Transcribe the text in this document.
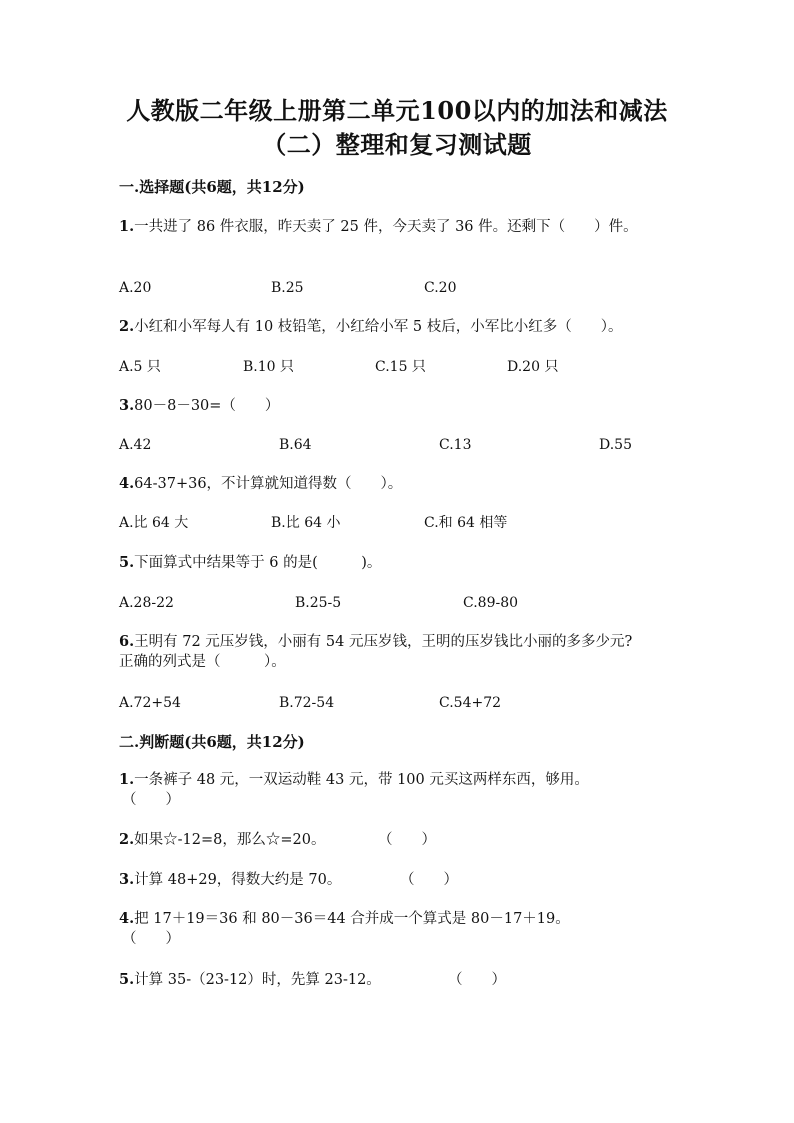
人教版二年级上册第二单元100以内的加法和减法
（二）整理和复习测试题
一.选择题(共6题，共12分)
1.一共进了 86 件衣服，昨天卖了 25 件，今天卖了 36 件。还剩下（　　）件。
A.20	B.25	C.20
2.小红和小军每人有 10 枝铅笔，小红给小军 5 枝后，小军比小红多（　　）。
A.5 只	B.10 只	C.15 只	D.20 只
3.80－8－30=（　　）
A.42	B.64	C.13	D.55
4.64-37+36，不计算就知道得数（　　）。
A.比 64 大	B.比 64 小	C.和 64 相等
5.下面算式中结果等于 6 的是(　　　)。
A.28-22	B.25-5	C.89-80
6.王明有 72 元压岁钱，小丽有 54 元压岁钱，王明的压岁钱比小丽的多多少元?
正确的列式是（　　　）。
A.72+54	B.72-54	C.54+72
二.判断题(共6题，共12分)
1.一条裤子 48 元，一双运动鞋 43 元，带 100 元买这两样东西，够用。
（　　）
2.如果☆-12=8，那么☆=20。	（　　）
3.计算 48+29，得数大约是 70。	（　　）
4.把 17＋19＝36 和 80－36＝44 合并成一个算式是 80－17＋19。
（　　）
5.计算 35-（23-12）时，先算 23-12。	（　　）
